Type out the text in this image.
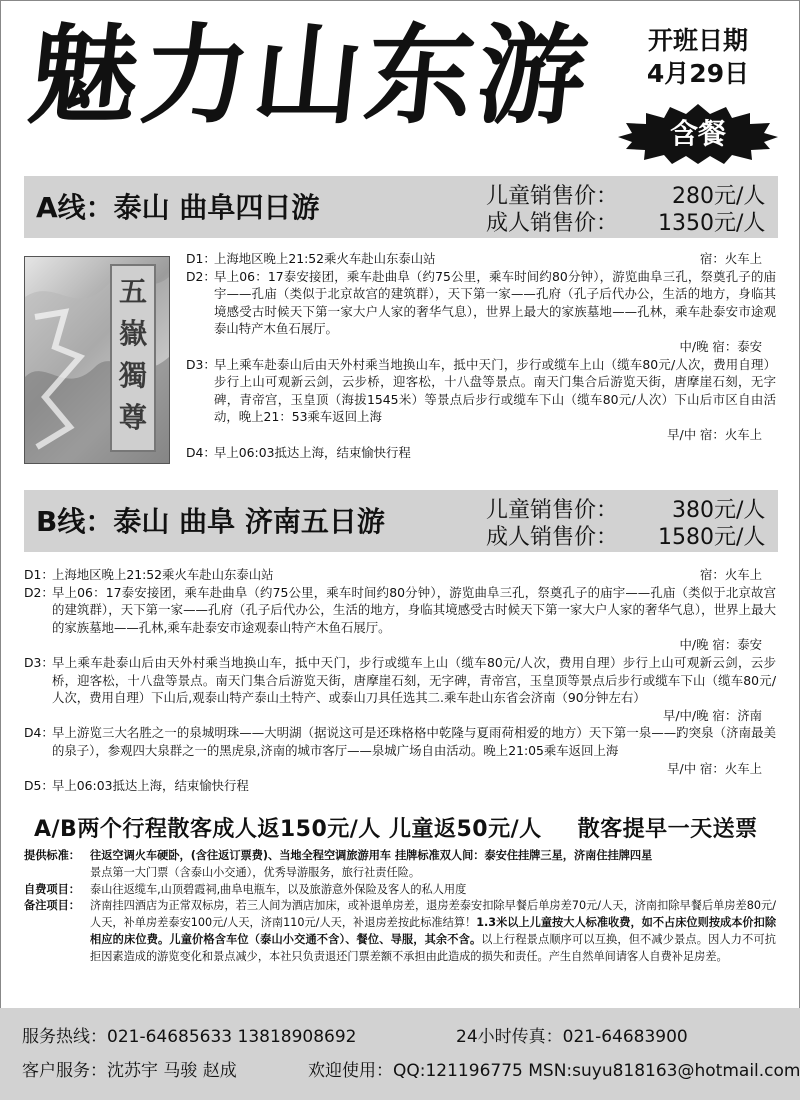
魅力山东游	开班日期
4月29日
含餐
A线：泰山 曲阜四日游	儿童销售价： 280元/人
成人销售价： 1350元/人
五嶽獨尊
D1：
上海地区晚上21:52乘火车赴山东泰山站	宿：火车上
D2：
早上06：17泰安接团，乘车赴曲阜（约75公里，乘车时间约80分钟），游览曲阜三孔，祭奠孔子的庙宇——孔庙（类似于北京故宫的建筑群），天下第一家——孔府（孔子后代办公，生活的地方，身临其境感受古时候天下第一家大户人家的奢华气息），世界上最大的家族墓地——孔林，乘车赴泰安市途观泰山特产木鱼石展厅。
中/晚 宿：泰安
D3：
早上乘车赴泰山后由天外村乘当地换山车，抵中天门，步行或缆车上山（缆车80元/人次，费用自理）步行上山可观新云剑，云步桥，迎客松，十八盘等景点。南天门集合后游览天街，唐摩崖石刻，无字碑，青帝宫，玉皇顶（海拔1545米）等景点后步行或缆车下山（缆车80元/人次）下山后市区自由活动，晚上21：53乘车返回上海
早/中 宿：火车上
D4：
早上06:03抵达上海，结束愉快行程
B线：泰山 曲阜 济南五日游	儿童销售价： 380元/人
成人销售价： 1580元/人
D1：
上海地区晚上21:52乘火车赴山东泰山站	宿：火车上
D2：
早上06：17泰安接团，乘车赴曲阜（约75公里，乘车时间约80分钟），游览曲阜三孔，祭奠孔子的庙宇——孔庙（类似于北京故宫的建筑群），天下第一家——孔府（孔子后代办公，生活的地方，身临其境感受古时候天下第一家大户人家的奢华气息），世界上最大的家族墓地——孔林,乘车赴泰安市途观泰山特产木鱼石展厅。
中/晚 宿：泰安
D3：
早上乘车赴泰山后由天外村乘当地换山车，抵中天门，步行或缆车上山（缆车80元/人次，费用自理）步行上山可观新云剑，云步桥，迎客松，十八盘等景点。南天门集合后游览天街，唐摩崖石刻，无字碑，青帝宫，玉皇顶等景点后步行或缆车下山（缆车80元/人次，费用自理）下山后,观泰山特产泰山土特产、或泰山刀具任选其二.乘车赴山东省会济南（90分钟左右）
早/中/晚 宿：济南
D4：
早上游览三大名胜之一的泉城明珠——大明湖（据说这可是还珠格格中乾隆与夏雨荷相爱的地方）天下第一泉——趵突泉（济南最美的泉子），参观四大泉群之一的黑虎泉,济南的城市客厅——泉城广场自由活动。晚上21:05乘车返回上海
早/中 宿：火车上
D5：
早上06:03抵达上海，结束愉快行程
A/B两个行程散客成人返150元/人 儿童返50元/人 散客提早一天送票
提供标准： 往返空调火车硬卧，(含往返订票费)、当地全程空调旅游用车 挂牌标准双人间：泰安住挂牌三星，济南住挂牌四星
景点第一大门票（含泰山小交通），优秀导游服务，旅行社责任险。
自费项目： 泰山往返缆车,山顶碧霞祠,曲阜电瓶车，以及旅游意外保险及客人的私人用度
备注项目： 济南挂四酒店为正常双标房，若三人间为酒店加床，或补退单房差，退房差泰安扣除早餐后单房差70元/人天，济南扣除早餐后单房差80元/人天，补单房差泰安100元/人天，济南110元/人天，补退房差按此标准结算！1.3米以上儿童按大人标准收费，如不占床位则按成本价扣除相应的床位费。儿童价格含车位（泰山小交通不含）、餐位、导服，其余不含。以上行程景点顺序可以互换，但不减少景点。因人力不可抗拒因素造成的游览变化和景点减少，本社只负责退还门票差额不承担由此造成的损失和责任。产生自然单间请客人自费补足房差。
服务热线：021-64685633 13818908692	24小时传真：021-64683900
客户服务：沈苏宇 马骏 赵成	欢迎使用：QQ:121196775 MSN:suyu818163@hotmail.com
